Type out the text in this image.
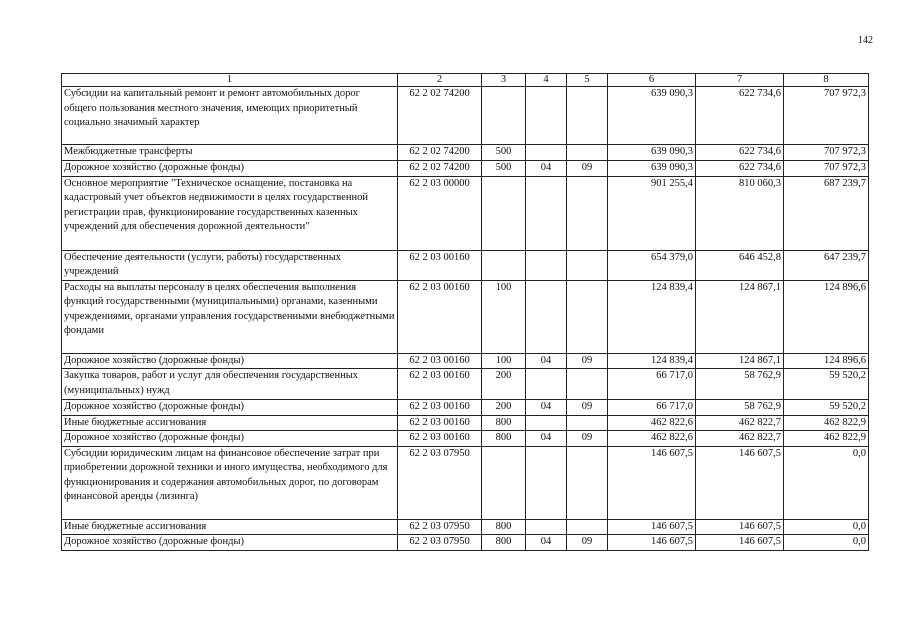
142
1	2	3	4	5	6	7	8
Субсидии на капитальный ремонт и ремонт автомобильных дорог общего пользования местного значения, имеющих приоритетный социально значимый характер	62 2 02 74200				639 090,3	622 734,6	707 972,3
Межбюджетные трансферты	62 2 02 74200	500			639 090,3	622 734,6	707 972,3
Дорожное хозяйство (дорожные фонды)	62 2 02 74200	500	04	09	639 090,3	622 734,6	707 972,3
Основное мероприятие "Техническое оснащение, постановка на кадастровый учет объектов недвижимости в целях государственной регистрации прав, функционирование государственных казенных учреждений для обеспечения дорожной деятельности"	62 2 03 00000				901 255,4	810 060,3	687 239,7
Обеспечение деятельности (услуги, работы) государственных учреждений	62 2 03 00160				654 379,0	646 452,8	647 239,7
Расходы на выплаты персоналу в целях обеспечения выполнения функций государственными (муниципальными) органами, казенными учреждениями, органами управления государственными внебюджетными фондами	62 2 03 00160	100			124 839,4	124 867,1	124 896,6
Дорожное хозяйство (дорожные фонды)	62 2 03 00160	100	04	09	124 839,4	124 867,1	124 896,6
Закупка товаров, работ и услуг для обеспечения государственных (муниципальных) нужд	62 2 03 00160	200			66 717,0	58 762,9	59 520,2
Дорожное хозяйство (дорожные фонды)	62 2 03 00160	200	04	09	66 717,0	58 762,9	59 520,2
Иные бюджетные ассигнования	62 2 03 00160	800			462 822,6	462 822,7	462 822,9
Дорожное хозяйство (дорожные фонды)	62 2 03 00160	800	04	09	462 822,6	462 822,7	462 822,9
Субсидии юридическим лицам на финансовое обеспечение затрат при приобретении дорожной техники и иного имущества, необходимого для функционирования и содержания автомобильных дорог, по договорам финансовой аренды (лизинга)	62 2 03 07950				146 607,5	146 607,5	0,0
Иные бюджетные ассигнования	62 2 03 07950	800			146 607,5	146 607,5	0,0
Дорожное хозяйство (дорожные фонды)	62 2 03 07950	800	04	09	146 607,5	146 607,5	0,0
